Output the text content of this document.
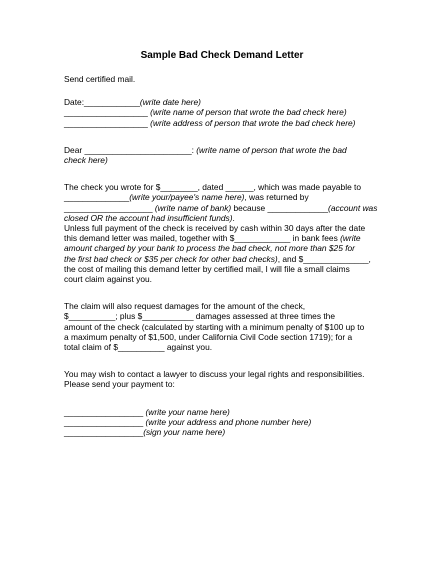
Sample Bad Check Demand Letter

Send certified mail.

Date:____________(write date here)

__________________ (write name of person that wrote the bad check here)

__________________ (write address of person that wrote the bad check here)

Dear _______________________: (write name of person that wrote the bad

check here)

The check you wrote for $________, dated ______, which was made payable to

______________(write your/payee's name here), was returned by

___________________ (write name of bank) because _____________(account was

closed OR the account had insufficient funds).

Unless full payment of the check is received by cash within 30 days after the date

this demand letter was mailed, together with $____________ in bank fees (write

amount charged by your bank to process the bad check, not more than $25 for

the first bad check or $35 per check for other bad checks), and $______________,

the cost of mailing this demand letter by certified mail, I will file a small claims

court claim against you.

The claim will also request damages for the amount of the check,

$__________; plus $___________ damages assessed at three times the

amount of the check (calculated by starting with a minimum penalty of $100 up to

a maximum penalty of $1,500, under California Civil Code section 1719); for a

total claim of $__________ against you.

You may wish to contact a lawyer to discuss your legal rights and responsibilities.

Please send your payment to:

_________________ (write your name here)

_________________ (write your address and phone number here)

_________________(sign your name here)
